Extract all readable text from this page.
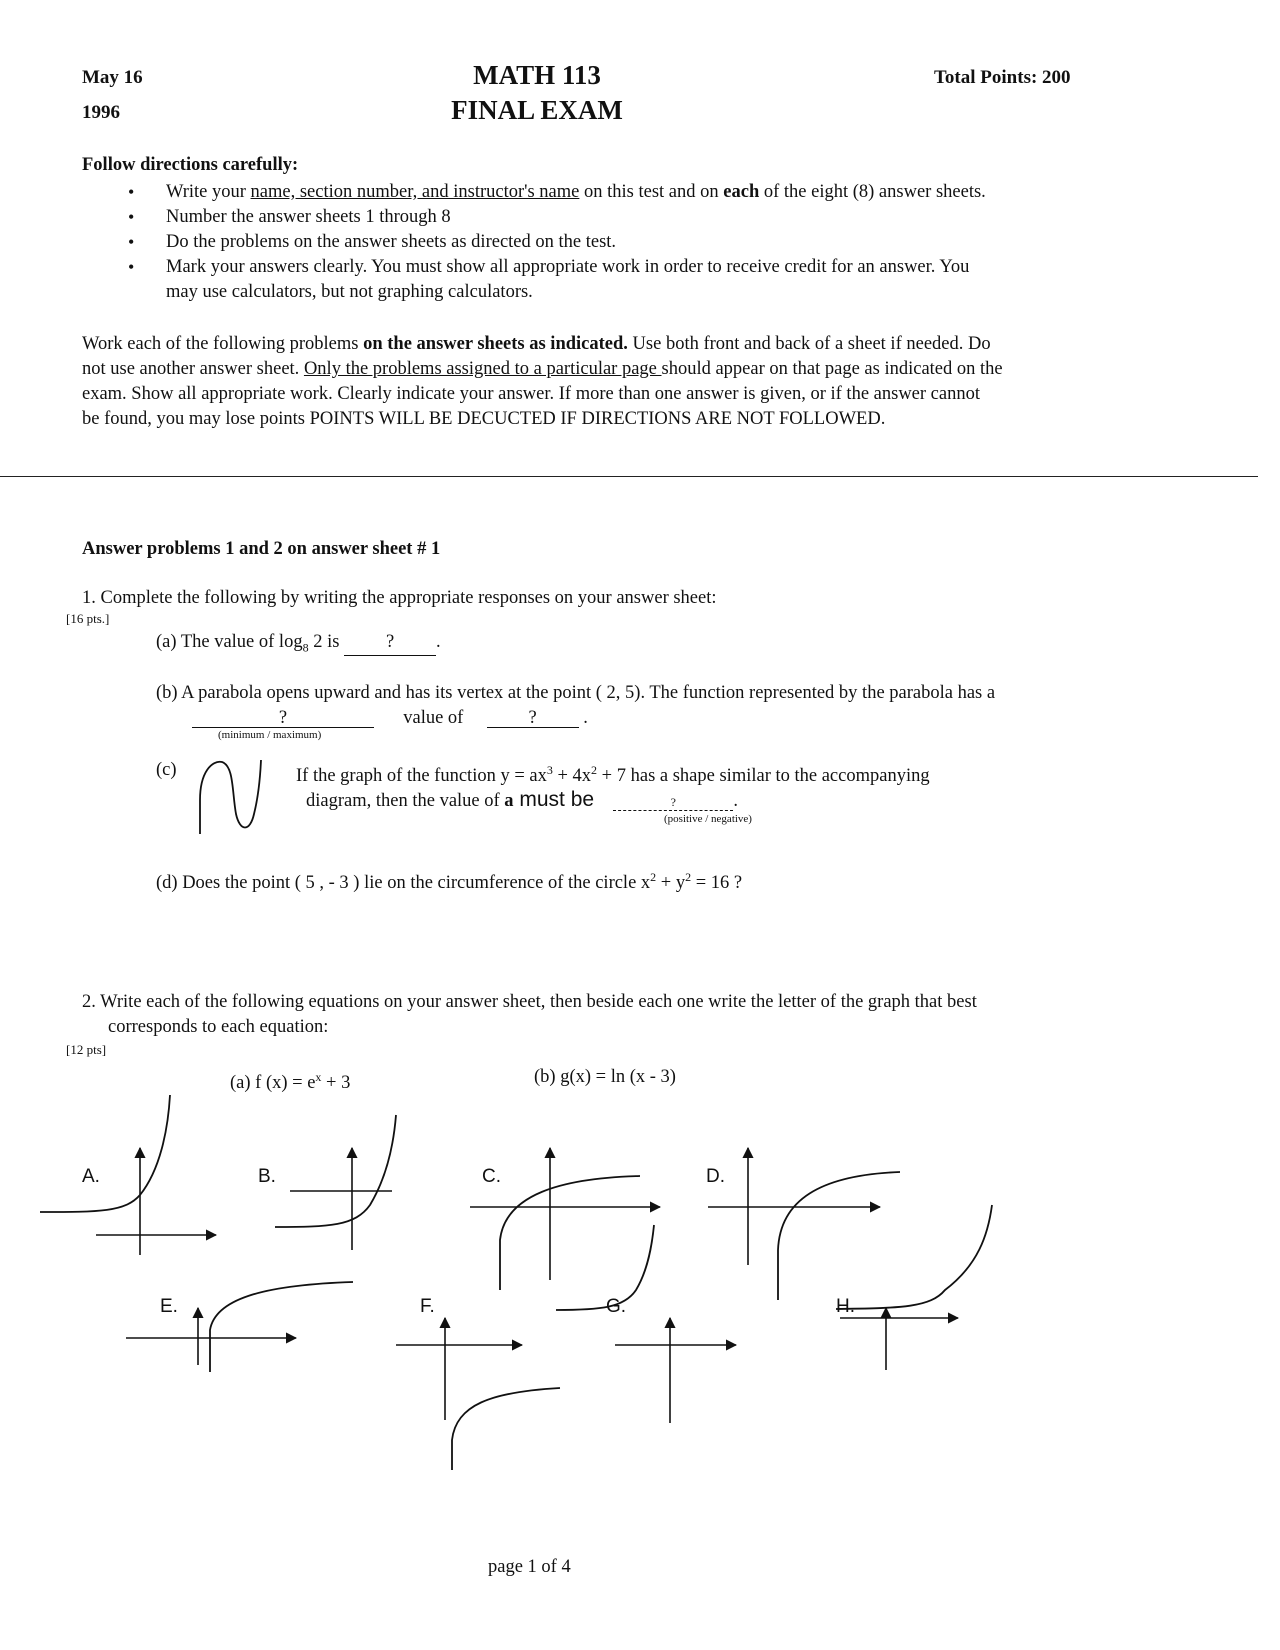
May 16
1996
MATH 113
FINAL EXAM
Total Points: 200
Follow directions carefully:
• Write your name, section number, and instructor's name on this test and on each of the eight (8) answer sheets.
• Number the answer sheets 1 through 8
• Do the problems on the answer sheets as directed on the test.
• Mark your answers clearly. You must show all appropriate work in order to receive credit for an answer. You
may use calculators, but not graphing calculators.
Work each of the following problems on the answer sheets as indicated. Use both front and back of a sheet if needed. Do
not use another answer sheet. Only the problems assigned to a particular page should appear on that page as indicated on the
exam. Show all appropriate work. Clearly indicate your answer. If more than one answer is given, or if the answer cannot
be found, you may lose points POINTS WILL BE DECUCTED IF DIRECTIONS ARE NOT FOLLOWED.
Answer problems 1 and 2 on answer sheet # 1
1. Complete the following by writing the appropriate responses on your answer sheet:
[16 pts.]
(a) The value of $\log_8 2$ is	? .
(b) A parabola opens upward and has its vertex at the point ( 2, 5). The function represented by the parabola has a
?	value of	?	.
(minimum / maximum)
(c)	If the graph of the function $y = ax^3 + 4x^2 + 7$ has a shape similar to the accompanying
diagram, then the value of a must be	?	.
(positive / negative)
(d) Does the point ( 5 , - 3 ) lie on the circumference of the circle $x^2 + y^2 = 16$ ?
2. Write each of the following equations on your answer sheet, then beside each one write the letter of the graph that best
corresponds to each equation:
[12 pts]
(a) f $(x) = e^x + 3$	(b) g(x) = ln (x - 3)
A.	B.	C.	D.
E.	F.	G.	H.
page 1 of 4
